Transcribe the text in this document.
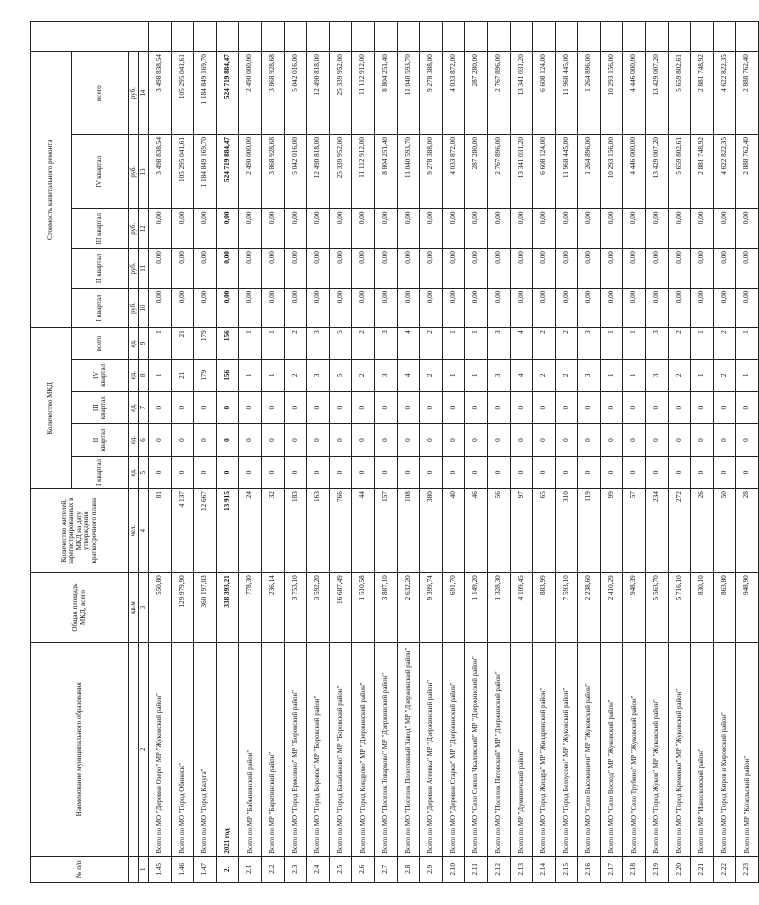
№ п/п	Наименование муниципального образования	Общая площадь МКД, всего	Количество жителей, зарегистрированных в МКД на дату утверждения краткосрочного плана	Количество МКД					Стоимость капитального ремонта					
				I квартал	II квартал	III квартал	IV квартал	всего	I квартал	II квартал	III квартал	IV квартал	всего	
		кв.м	чел.	ед.	ед.	ед.	ед.	ед.	руб.	руб.	руб.	руб.	руб.	
1	2	3	4	5	6	7	8	9	10	11	12	13	14	
1.45	Всего по МО "Деревня Озеро" МР "Жуковский район"	550,80	81	0	0	0	1	1	0,00	0,00	0,00	3 498 838,54	3 498 838,54	
1.46	Всего по МО "Город Обнинск"	129 979,90	4 137	0	0	0	21	21	0,00	0,00	0,00	105 295 041,61	105 295 041,61	
1.47	Всего по МО "Город Калуга"	360 197,03	12 667	0	0	0	179	179	0,00	0,00	0,00	1 184 849 169,70	1 184 849 169,70	
2.	2021 год	338 393,21	13 915	0	0	0	156	156	0,00	0,00	0,00	524 719 884,47	524 719 884,47	
2.1	Всего по МР "Бабынинский район"	778,30	24	0	0	0	1	1	0,00	0,00	0,00	2 490 000,00	2 490 000,00	
2.2	Всего по МР "Барятинский район"	236,14	32	0	0	0	1	1	0,00	0,00	0,00	3 868 928,68	3 868 928,68	
2.3	Всего по МО "Город Ермолино" МР "Боровский район"	3 753,10	183	0	0	0	2	2	0,00	0,00	0,00	5 042 016,00	5 042 016,00	
2.4	Всего по МО "Город Боровск" МР "Боровский район"	3 592,20	163	0	0	0	3	3	0,00	0,00	0,00	12 490 818,00	12 490 818,00	
2.5	Всего по МО "Город Балабаново" МР "Боровский район"	16 687,49	766	0	0	0	5	5	0,00	0,00	0,00	25 339 952,00	25 339 952,00	
2.6	Всего по МО "Город Кондрово" МР "Дзержинский район"	1 510,58	44	0	0	0	2	2	0,00	0,00	0,00	11 112 912,00	11 112 912,00	
2.7	Всего по МО "Поселок Товарково" МР "Дзержинский район"	3 887,10	157	0	0	0	3	3	0,00	0,00	0,00	8 804 251,40	8 804 251,40	
2.8	Всего по МО "Поселок Полотняный Завод" МР "Дзержинский район"	2 632,20	108	0	0	0	4	4	0,00	0,00	0,00	11 040 593,70	11 040 593,70	
2.9	Всего по МО "Деревня Агеевка" МР "Дзержинский район"	9 399,74	380	0	0	0	2	2	0,00	0,00	0,00	9 278 388,00	9 278 388,00	
2.10	Всего по МО "Деревня Старки" МР "Дзержинский район"	691,70	40	0	0	0	1	1	0,00	0,00	0,00	4 033 872,00	4 033 872,00	
2.11	Всего по МО "Село Совхоз Чкаловский" МР "Дзержинский район"	1 149,20	46	0	0	0	1	1	0,00	0,00	0,00	287 280,00	287 280,00	
2.12	Всего по МО "Поселок Пятовский" МР "Дзержинский район"	1 328,30	56	0	0	0	3	3	0,00	0,00	0,00	2 767 896,00	2 767 896,00	
2.13	Всего по МР "Думиничский район"	4 109,45	97	0	0	0	4	4	0,00	0,00	0,00	13 341 031,20	13 341 031,20	
2.14	Всего по МО "Город Жиздра" МР "Жиздринский район"	883,99	65	0	0	0	2	2	0,00	0,00	0,00	6 608 124,00	6 608 124,00	
2.15	Всего по МО "Город Белоусово" МР "Жуковский район"	7 593,10	310	0	0	0	2	2	0,00	0,00	0,00	11 968 445,00	11 968 445,00	
2.16	Всего по МО "Село Высокиничи" МР "Жуковский район"	2 238,60	119	0	0	0	3	3	0,00	0,00	0,00	1 264 896,00	1 264 896,00	
2.17	Всего по МО "Село Восход" МР "Жуковский район"	2 410,29	99	0	0	0	1	1	0,00	0,00	0,00	10 293 156,00	10 293 156,00	
2.18	Всего по МО "Село Трубино" МР "Жуковский район"	948,39	57	0	0	0	1	1	0,00	0,00	0,00	4 446 000,00	4 446 000,00	
2.19	Всего по МО "Город Жуков" МР "Жуковский район"	5 563,70	234	0	0	0	3	3	0,00	0,00	0,00	13 429 007,20	13 429 007,20	
2.20	Всего по МО "Город Кременки" МР "Жуковский район"	5 716,10	272	0	0	0	2	2	0,00	0,00	0,00	5 659 802,61	5 659 802,61	
2.21	Всего по МР "Износковский район"	830,10	26	0	0	0	1	1	0,00	0,00	0,00	2 881 748,92	2 881 748,92	
2.22	Всего по МО "Город Киров и Кировский район"	863,80	50	0	0	0	2	2	0,00	0,00	0,00	4 622 822,35	4 622 822,35	
2.23	Всего по МР "Козельский район"	948,90	28	0	0	0	1	1	0,00	0,00	0,00	2 888 762,40	2 888 762,40	
